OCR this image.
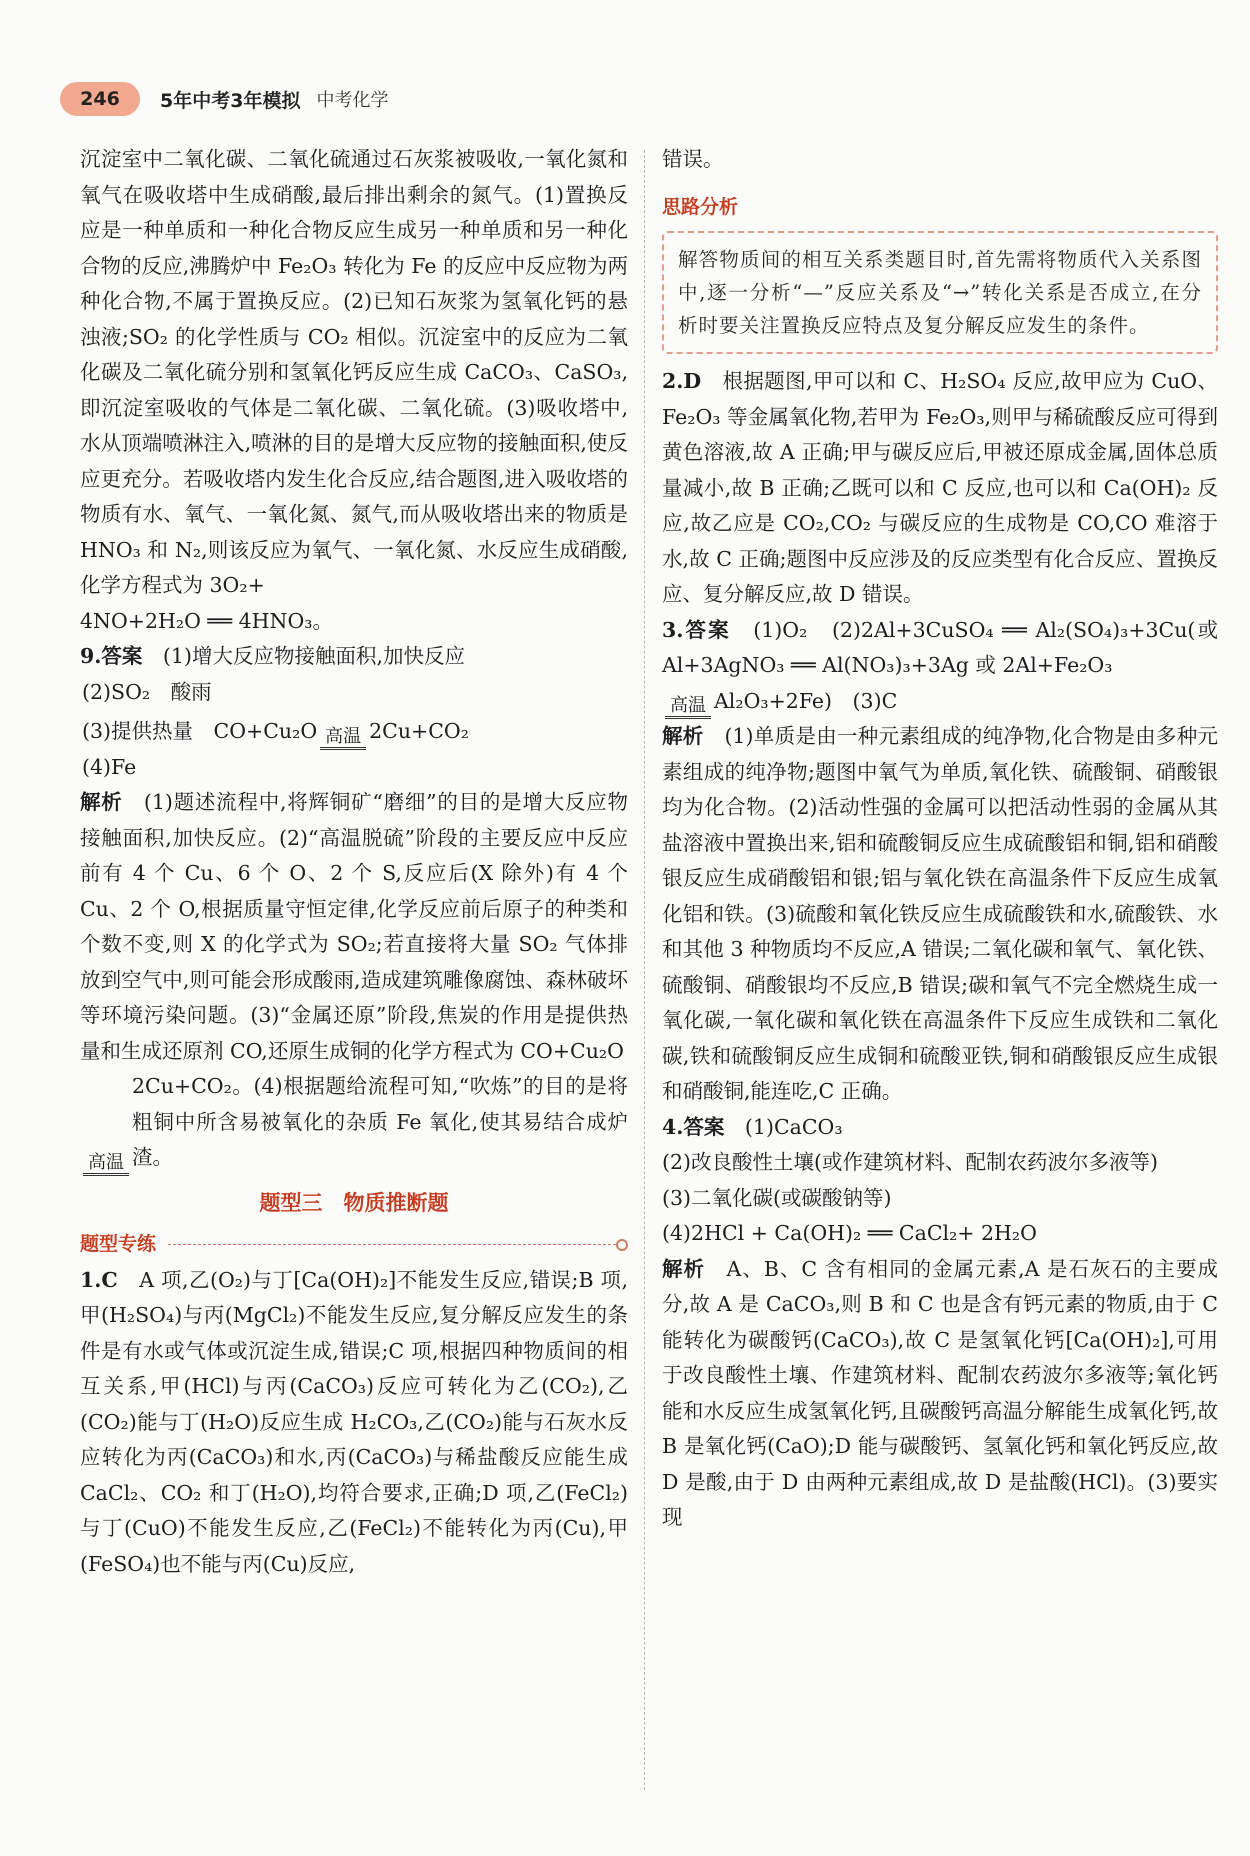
246	5年中考3年模拟 中考化学

沉淀室中二氧化碳、二氧化硫通过石灰浆被吸收,一氧化氮和氧气在吸收塔中生成硝酸,最后排出剩余的氮气。(1)置换反应是一种单质和一种化合物反应生成另一种单质和另一种化合物的反应,沸腾炉中 Fe₂O₃ 转化为 Fe 的反应中反应物为两种化合物,不属于置换反应。(2)已知石灰浆为氢氧化钙的悬浊液;SO₂ 的化学性质与 CO₂ 相似。沉淀室中的反应为二氧化碳及二氧化硫分别和氢氧化钙反应生成 CaCO₃、CaSO₃,即沉淀室吸收的气体是二氧化碳、二氧化硫。(3)吸收塔中,水从顶端喷淋注入,喷淋的目的是增大反应物的接触面积,使反应更充分。若吸收塔内发生化合反应,结合题图,进入吸收塔的物质有水、氧气、一氧化氮、氮气,而从吸收塔出来的物质是 HNO₃ 和 N₂,则该反应为氧气、一氧化氮、水反应生成硝酸,化学方程式为 3O₂+

4NO+2H₂O ══ 4HNO₃。

9.答案　 (1)增大反应物接触面积,加快反应

(2)SO₂　酸雨

(3)提供热量　CO+Cu₂O 高温 2Cu+CO₂

(4)Fe

解析　 (1)题述流程中,将辉铜矿“磨细”的目的是增大反应物接触面积,加快反应。(2)“高温脱硫”阶段的主要反应中反应前有 4 个 Cu、6 个 O、2 个 S,反应后(X 除外)有 4 个 Cu、2 个 O,根据质量守恒定律,化学反应前后原子的种类和个数不变,则 X 的化学式为 SO₂;若直接将大量 SO₂ 气体排放到空气中,则可能会形成酸雨,造成建筑雕像腐蚀、森林破坏等环境污染问题。(3)“金属还原”阶段,焦炭的作用是提供热量和生成还原剂 CO,还原生成铜的化学方程式为 CO+Cu₂O

高温
2Cu+CO₂。(4)根据题给流程可知,“吹炼”的目的是将粗铜中所含易被氧化的杂质 Fe 氧化,使其易结合成炉渣。

题型三　物质推断题
题型专练

1.C　 A 项,乙(O₂)与丁[Ca(OH)₂]不能发生反应,错误;B 项,甲(H₂SO₄)与丙(MgCl₂)不能发生反应,复分解反应发生的条件是有水或气体或沉淀生成,错误;C 项,根据四种物质间的相互关系,甲(HCl)与丙(CaCO₃)反应可转化为乙(CO₂),乙(CO₂)能与丁(H₂O)反应生成 H₂CO₃,乙(CO₂)能与石灰水反应转化为丙(CaCO₃)和水,丙(CaCO₃)与稀盐酸反应能生成 CaCl₂、CO₂ 和丁(H₂O),均符合要求,正确;D 项,乙(FeCl₂)与丁(CuO)不能发生反应,乙(FeCl₂)不能转化为丙(Cu),甲(FeSO₄)也不能与丙(Cu)反应,

错误。

思路分析

解答物质间的相互关系类题目时,首先需将物质代入关系图中,逐一分析“—”反应关系及“→”转化关系是否成立,在分析时要关注置换反应特点及复分解反应发生的条件。

2.D　 根据题图,甲可以和 C、H₂SO₄ 反应,故甲应为 CuO、Fe₂O₃ 等金属氧化物,若甲为 Fe₂O₃,则甲与稀硫酸反应可得到黄色溶液,故 A 正确;甲与碳反应后,甲被还原成金属,固体总质量减小,故 B 正确;乙既可以和 C 反应,也可以和 Ca(OH)₂ 反应,故乙应是 CO₂,CO₂ 与碳反应的生成物是 CO,CO 难溶于水,故 C 正确;题图中反应涉及的反应类型有化合反应、置换反应、复分解反应,故 D 错误。

3.答案　 (1)O₂　(2)2Al+3CuSO₄ ══ Al₂(SO₄)₃+3Cu(或 Al+3AgNO₃ ══ Al(NO₃)₃+3Ag 或 2Al+Fe₂O₃

高温 Al₂O₃+2Fe)　(3)C

解析　 (1)单质是由一种元素组成的纯净物,化合物是由多种元素组成的纯净物;题图中氧气为单质,氧化铁、硫酸铜、硝酸银均为化合物。(2)活动性强的金属可以把活动性弱的金属从其盐溶液中置换出来,铝和硫酸铜反应生成硫酸铝和铜,铝和硝酸银反应生成硝酸铝和银;铝与氧化铁在高温条件下反应生成氧化铝和铁。(3)硫酸和氧化铁反应生成硫酸铁和水,硫酸铁、水和其他 3 种物质均不反应,A 错误;二氧化碳和氧气、氧化铁、硫酸铜、硝酸银均不反应,B 错误;碳和氧气不完全燃烧生成一氧化碳,一氧化碳和氧化铁在高温条件下反应生成铁和二氧化碳,铁和硫酸铜反应生成铜和硫酸亚铁,铜和硝酸银反应生成银和硝酸铜,能连吃,C 正确。

4.答案　 (1)CaCO₃

(2)改良酸性土壤(或作建筑材料、配制农药波尔多液等)

(3)二氧化碳(或碳酸钠等)

(4)2HCl + Ca(OH)₂ ══ CaCl₂+ 2H₂O

解析　 A、B、C 含有相同的金属元素,A 是石灰石的主要成分,故 A 是 CaCO₃,则 B 和 C 也是含有钙元素的物质,由于 C 能转化为碳酸钙(CaCO₃),故 C 是氢氧化钙[Ca(OH)₂],可用于改良酸性土壤、作建筑材料、配制农药波尔多液等;氧化钙能和水反应生成氢氧化钙,且碳酸钙高温分解能生成氧化钙,故 B 是氧化钙(CaO);D 能与碳酸钙、氢氧化钙和氧化钙反应,故 D 是酸,由于 D 由两种元素组成,故 D 是盐酸(HCl)。(3)要实现
